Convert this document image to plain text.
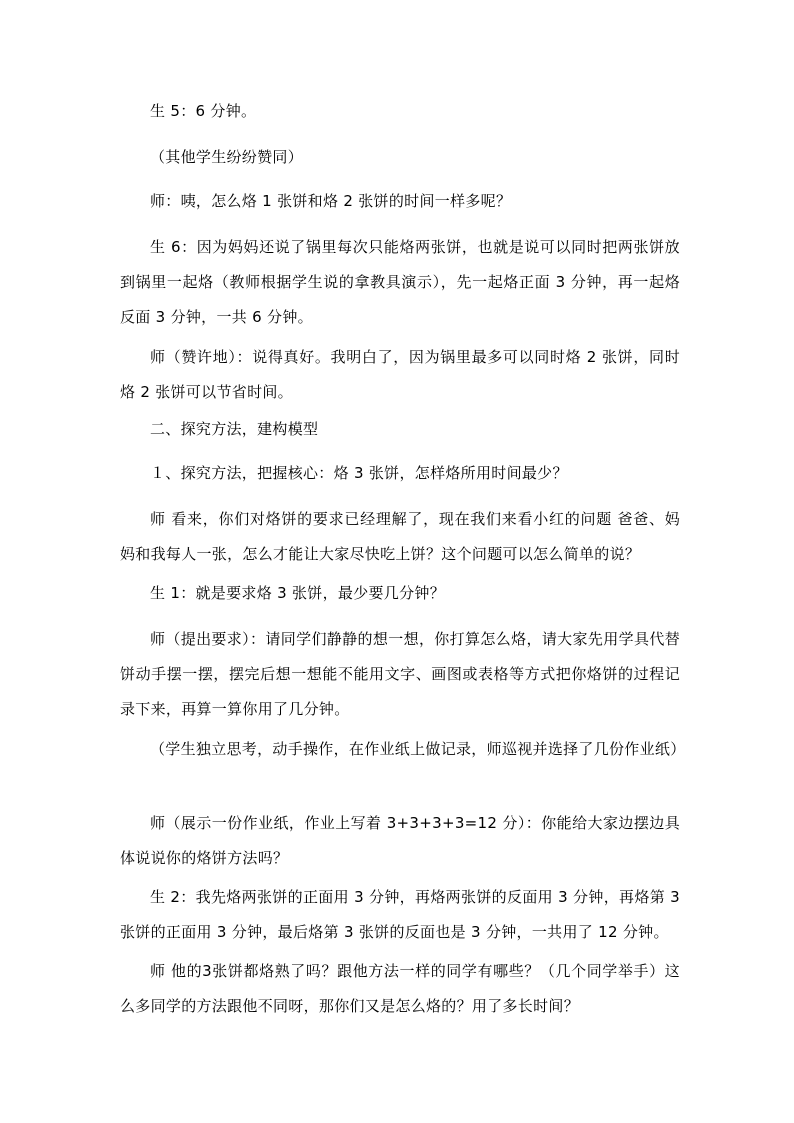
生 5：6 分钟。

（其他学生纷纷赞同）

师：咦，怎么烙 1 张饼和烙 2 张饼的时间一样多呢？

生 6：因为妈妈还说了锅里每次只能烙两张饼，也就是说可以同时把两张饼放到锅里一起烙（教师根据学生说的拿教具演示），先一起烙正面 3 分钟，再一起烙反面 3 分钟，一共 6 分钟。

师（赞许地）：说得真好。我明白了，因为锅里最多可以同时烙 2 张饼，同时烙 2 张饼可以节省时间。

二、探究方法，建构模型

１、探究方法，把握核心：烙 3 张饼，怎样烙所用时间最少？

师 看来，你们对烙饼的要求已经理解了，现在我们来看小红的问题 爸爸、妈妈和我每人一张，怎么才能让大家尽快吃上饼？这个问题可以怎么简单的说？

生 1：就是要求烙 3 张饼，最少要几分钟？

师（提出要求）：请同学们静静的想一想，你打算怎么烙，请大家先用学具代替饼动手摆一摆，摆完后想一想能不能用文字、画图或表格等方式把你烙饼的过程记录下来，再算一算你用了几分钟。

（学生独立思考，动手操作，在作业纸上做记录，师巡视并选择了几份作业纸）

师（展示一份作业纸，作业上写着 3+3+3+3=12 分）：你能给大家边摆边具体说说你的烙饼方法吗？

生 2：我先烙两张饼的正面用 3 分钟，再烙两张饼的反面用 3 分钟，再烙第 3 张饼的正面用 3 分钟，最后烙第 3 张饼的反面也是 3 分钟，一共用了 12 分钟。

师 他的3张饼都烙熟了吗？跟他方法一样的同学有哪些？（几个同学举手）这么多同学的方法跟他不同呀，那你们又是怎么烙的？用了多长时间？
